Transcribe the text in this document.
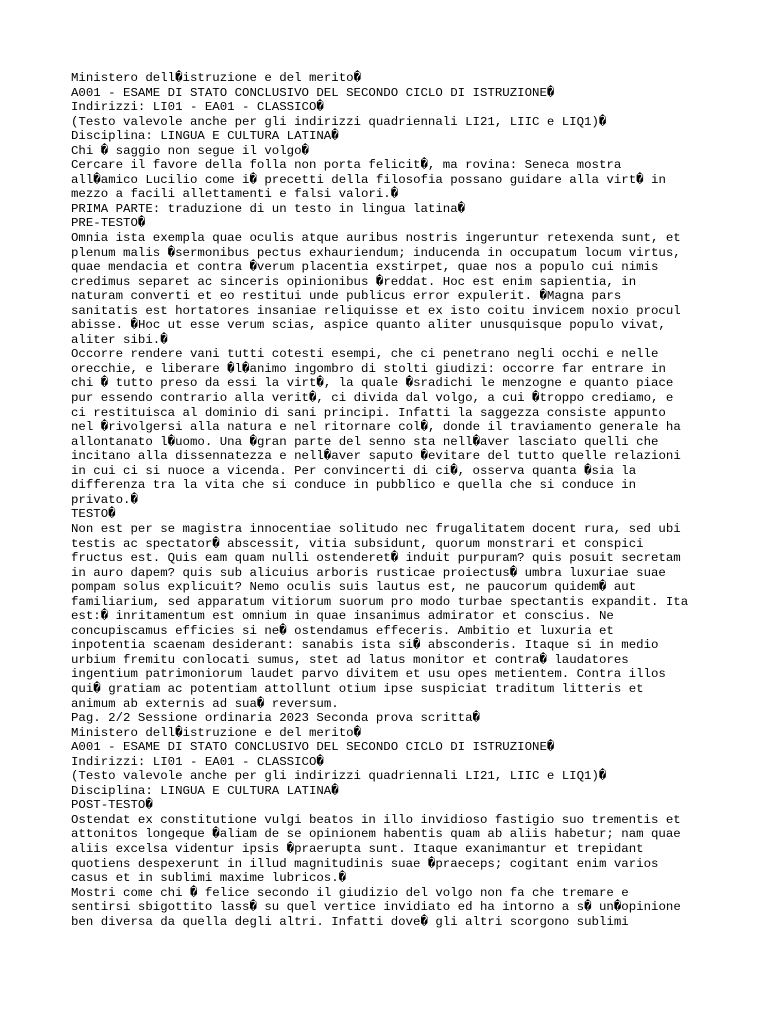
Ministero dell�istruzione e del merito�
A001 - ESAME DI STATO CONCLUSIVO DEL SECONDO CICLO DI ISTRUZIONE�
Indirizzi: LI01 - EA01 - CLASSICO�
(Testo valevole anche per gli indirizzi quadriennali LI21, LIIC e LIQ1)�
Disciplina: LINGUA E CULTURA LATINA�
Chi � saggio non segue il volgo�
Cercare il favore della folla non porta felicit�, ma rovina: Seneca mostra
all�amico Lucilio come i� precetti della filosofia possano guidare alla virt� in
mezzo a facili allettamenti e falsi valori.�
PRIMA PARTE: traduzione di un testo in lingua latina�
PRE-TESTO�
Omnia ista exempla quae oculis atque auribus nostris ingeruntur retexenda sunt, et
plenum malis �sermonibus pectus exhauriendum; inducenda in occupatum locum virtus,
quae mendacia et contra �verum placentia exstirpet, quae nos a populo cui nimis
credimus separet ac sinceris opinionibus �reddat. Hoc est enim sapientia, in
naturam converti et eo restitui unde publicus error expulerit. �Magna pars
sanitatis est hortatores insaniae reliquisse et ex isto coitu invicem noxio procul
abisse. �Hoc ut esse verum scias, aspice quanto aliter unusquisque populo vivat,
aliter sibi.�
Occorre rendere vani tutti cotesti esempi, che ci penetrano negli occhi e nelle
orecchie, e liberare �l�animo ingombro di stolti giudizi: occorre far entrare in
chi � tutto preso da essi la virt�, la quale �sradichi le menzogne e quanto piace
pur essendo contrario alla verit�, ci divida dal volgo, a cui �troppo crediamo, e
ci restituisca al dominio di sani principi. Infatti la saggezza consiste appunto
nel �rivolgersi alla natura e nel ritornare col�, donde il traviamento generale ha
allontanato l�uomo. Una �gran parte del senno sta nell�aver lasciato quelli che
incitano alla dissennatezza e nell�aver saputo �evitare del tutto quelle relazioni
in cui ci si nuoce a vicenda. Per convincerti di ci�, osserva quanta �sia la
differenza tra la vita che si conduce in pubblico e quella che si conduce in
privato.�
TESTO�
Non est per se magistra innocentiae solitudo nec frugalitatem docent rura, sed ubi
testis ac spectator� abscessit, vitia subsidunt, quorum monstrari et conspici
fructus est. Quis eam quam nulli ostenderet� induit purpuram? quis posuit secretam
in auro dapem? quis sub alicuius arboris rusticae proiectus� umbra luxuriae suae
pompam solus explicuit? Nemo oculis suis lautus est, ne paucorum quidem� aut
familiarium, sed apparatum vitiorum suorum pro modo turbae spectantis expandit. Ita
est:� inritamentum est omnium in quae insanimus admirator et conscius. Ne
concupiscamus efficies si ne� ostendamus effeceris. Ambitio et luxuria et
inpotentia scaenam desiderant: sanabis ista si� absconderis. Itaque si in medio
urbium fremitu conlocati sumus, stet ad latus monitor et contra� laudatores
ingentium patrimoniorum laudet parvo divitem et usu opes metientem. Contra illos
qui� gratiam ac potentiam attollunt otium ipse suspiciat traditum litteris et
animum ab externis ad sua� reversum.
Pag. 2/2 Sessione ordinaria 2023 Seconda prova scritta�
Ministero dell�istruzione e del merito�
A001 - ESAME DI STATO CONCLUSIVO DEL SECONDO CICLO DI ISTRUZIONE�
Indirizzi: LI01 - EA01 - CLASSICO�
(Testo valevole anche per gli indirizzi quadriennali LI21, LIIC e LIQ1)�
Disciplina: LINGUA E CULTURA LATINA�
POST-TESTO�
Ostendat ex constitutione vulgi beatos in illo invidioso fastigio suo trementis et
attonitos longeque �aliam de se opinionem habentis quam ab aliis habetur; nam quae
aliis excelsa videntur ipsis �praerupta sunt. Itaque exanimantur et trepidant
quotiens despexerunt in illud magnitudinis suae �praeceps; cogitant enim varios
casus et in sublimi maxime lubricos.�
Mostri come chi � felice secondo il giudizio del volgo non fa che tremare e
sentirsi sbigottito lass� su quel vertice invidiato ed ha intorno a s� un�opinione
ben diversa da quella degli altri. Infatti dove� gli altri scorgono sublimi
